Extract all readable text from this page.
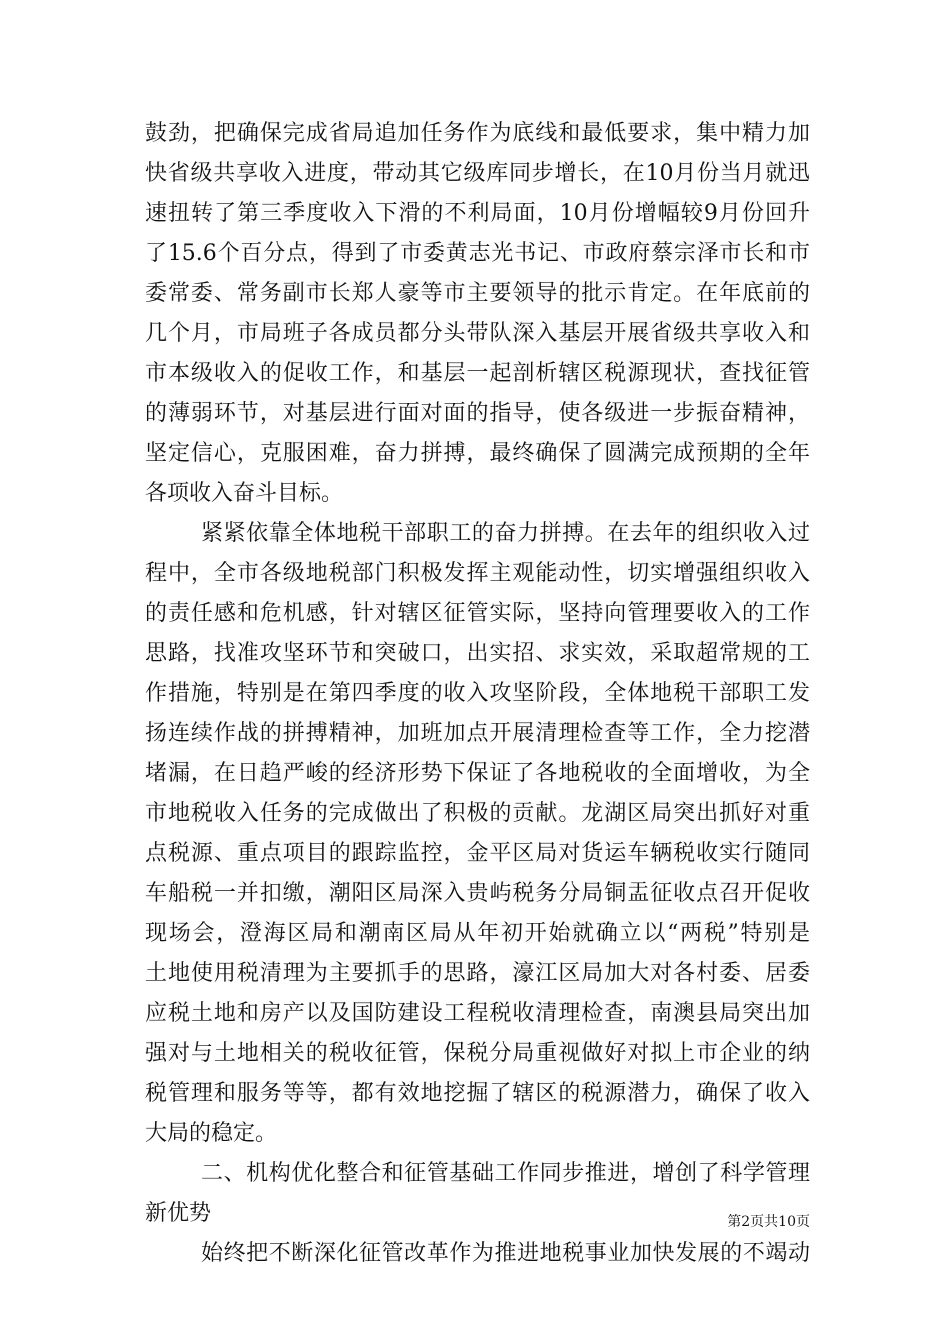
鼓劲，把确保完成省局追加任务作为底线和最低要求，集中精力加
快省级共享收入进度，带动其它级库同步增长，在10月份当月就迅
速扭转了第三季度收入下滑的不利局面，10月份增幅较9月份回升
了15.6个百分点，得到了市委黄志光书记、市政府蔡宗泽市长和市
委常委、常务副市长郑人豪等市主要领导的批示肯定。在年底前的
几个月，市局班子各成员都分头带队深入基层开展省级共享收入和
市本级收入的促收工作，和基层一起剖析辖区税源现状，查找征管
的薄弱环节，对基层进行面对面的指导，使各级进一步振奋精神，
坚定信心，克服困难，奋力拼搏，最终确保了圆满完成预期的全年
各项收入奋斗目标。
紧紧依靠全体地税干部职工的奋力拼搏。在去年的组织收入过
程中，全市各级地税部门积极发挥主观能动性，切实增强组织收入
的责任感和危机感，针对辖区征管实际，坚持向管理要收入的工作
思路，找准攻坚环节和突破口，出实招、求实效，采取超常规的工
作措施，特别是在第四季度的收入攻坚阶段，全体地税干部职工发
扬连续作战的拼搏精神，加班加点开展清理检查等工作，全力挖潜
堵漏，在日趋严峻的经济形势下保证了各地税收的全面增收，为全
市地税收入任务的完成做出了积极的贡献。龙湖区局突出抓好对重
点税源、重点项目的跟踪监控，金平区局对货运车辆税收实行随同
车船税一并扣缴，潮阳区局深入贵屿税务分局铜盂征收点召开促收
现场会，澄海区局和潮南区局从年初开始就确立以“两税”特别是
土地使用税清理为主要抓手的思路，濠江区局加大对各村委、居委
应税土地和房产以及国防建设工程税收清理检查，南澳县局突出加
强对与土地相关的税收征管，保税分局重视做好对拟上市企业的纳
税管理和服务等等，都有效地挖掘了辖区的税源潜力，确保了收入
大局的稳定。
二、机构优化整合和征管基础工作同步推进，增创了科学管理
新优势
始终把不断深化征管改革作为推进地税事业加快发展的不竭动
第2页共10页
